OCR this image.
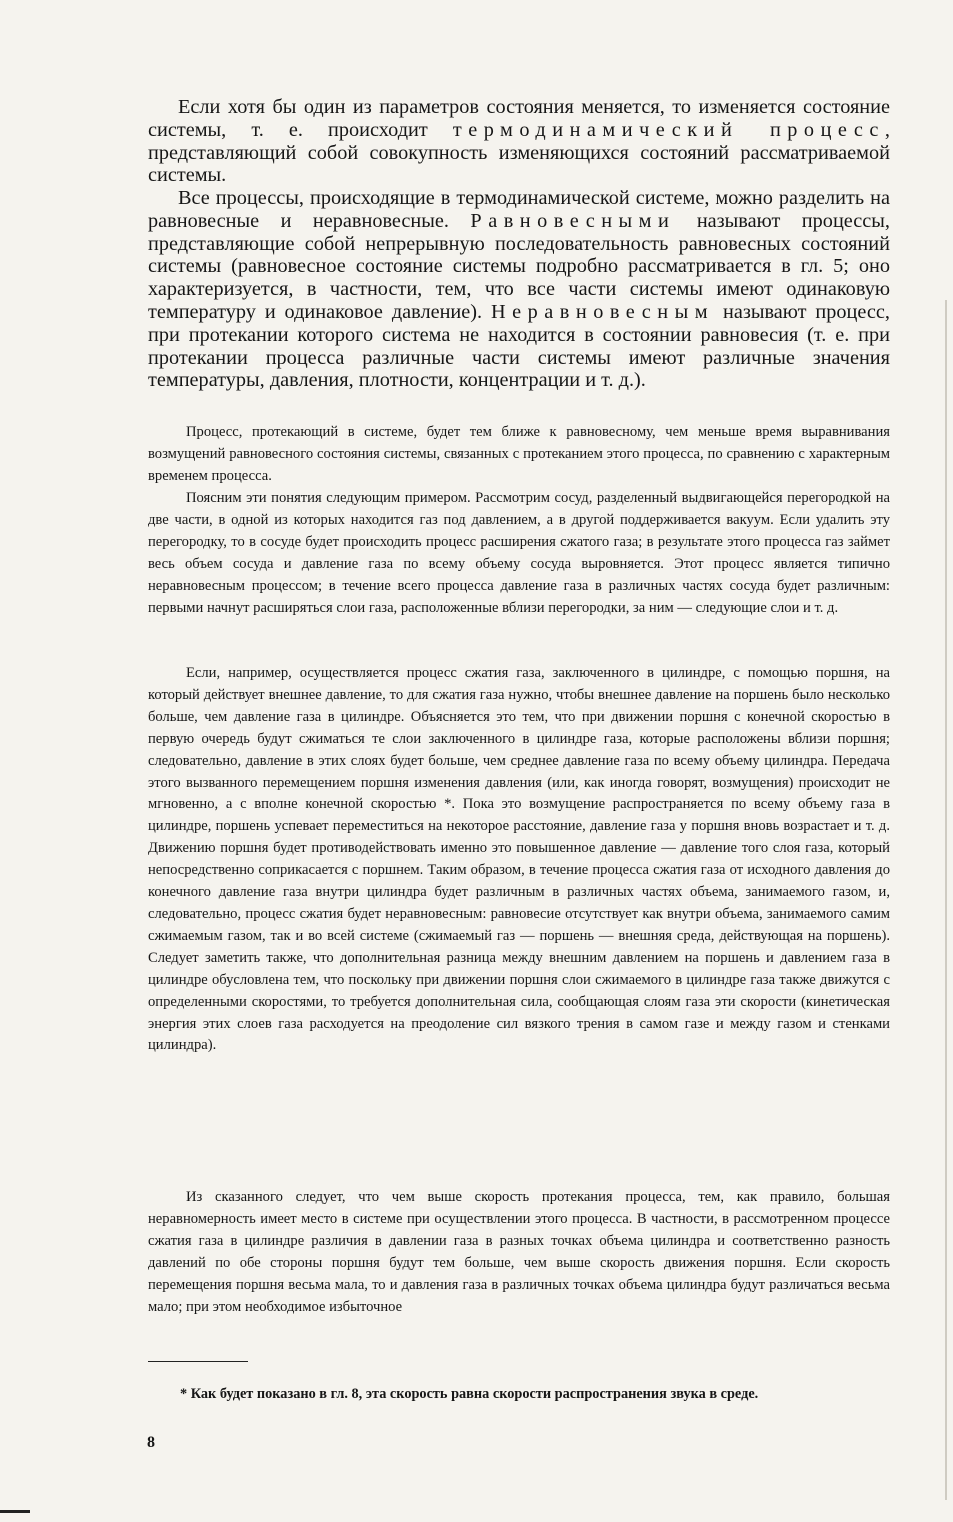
Если хотя бы один из параметров состояния меняется, то изменяется состояние системы, т. е. происходит термодинамический процесс, представляющий собой совокупность изменяющихся состояний рассматриваемой системы.

Все процессы, происходящие в термодинамической системе, можно разделить на равновесные и неравновесные. Равновесными называют процессы, представляющие собой непрерывную последовательность равновесных состояний системы (равновесное состояние системы подробно рассматривается в гл. 5; оно характеризуется, в частности, тем, что все части системы имеют одинаковую температуру и одинаковое давление). Неравновесным называют процесс, при протекании которого система не находится в состоянии равновесия (т. е. при протекании процесса различные части системы имеют различные значения температуры, давления, плотности, концентрации и т. д.).

Процесс, протекающий в системе, будет тем ближе к равновесному, чем меньше время выравнивания возмущений равновесного состояния системы, связанных с протеканием этого процесса, по сравнению с характерным временем процесса.

Поясним эти понятия следующим примером. Рассмотрим сосуд, разделенный выдвигающейся перегородкой на две части, в одной из которых находится газ под давлением, а в другой поддерживается вакуум. Если удалить эту перегородку, то в сосуде будет происходить процесс расширения сжатого газа; в результате этого процесса газ займет весь объем сосуда и давление газа по всему объему сосуда выровняется. Этот процесс является типично неравновесным процессом; в течение всего процесса давление газа в различных частях сосуда будет различным: первыми начнут расширяться слои газа, расположенные вблизи перегородки, за ним — следующие слои и т. д.

Если, например, осуществляется процесс сжатия газа, заключенного в цилиндре, с помощью поршня, на который действует внешнее давление, то для сжатия газа нужно, чтобы внешнее давление на поршень было несколько больше, чем давление газа в цилиндре. Объясняется это тем, что при движении поршня с конечной скоростью в первую очередь будут сжиматься те слои заключенного в цилиндре газа, которые расположены вблизи поршня; следовательно, давление в этих слоях будет больше, чем среднее давление газа по всему объему цилиндра. Передача этого вызванного перемещением поршня изменения давления (или, как иногда говорят, возмущения) происходит не мгновенно, а с вполне конечной скоростью *. Пока это возмущение распространяется по всему объему газа в цилиндре, поршень успевает переместиться на некоторое расстояние, давление газа у поршня вновь возрастает и т. д. Движению поршня будет противодействовать именно это повышенное давление — давление того слоя газа, который непосредственно соприкасается с поршнем. Таким образом, в течение процесса сжатия газа от исходного давления до конечного давление газа внутри цилиндра будет различным в различных частях объема, занимаемого газом, и, следовательно, процесс сжатия будет неравновесным: равновесие отсутствует как внутри объема, занимаемого самим сжимаемым газом, так и во всей системе (сжимаемый газ — поршень — внешняя среда, действующая на поршень). Следует заметить также, что дополнительная разница между внешним давлением на поршень и давлением газа в цилиндре обусловлена тем, что поскольку при движении поршня слои сжимаемого в цилиндре газа также движутся с определенными скоростями, то требуется дополнительная сила, сообщающая слоям газа эти скорости (кинетическая энергия этих слоев газа расходуется на преодоление сил вязкого трения в самом газе и между газом и стенками цилиндра).

Из сказанного следует, что чем выше скорость протекания процесса, тем, как правило, большая неравномерность имеет место в системе при осуществлении этого процесса. В частности, в рассмотренном процессе сжатия газа в цилиндре различия в давлении газа в разных точках объема цилиндра и соответственно разность давлений по обе стороны поршня будут тем больше, чем выше скорость движения поршня. Если скорость перемещения поршня весьма мала, то и давления газа в различных точках объема цилиндра будут различаться весьма мало; при этом необходимое избыточное

* Как будет показано в гл. 8, эта скорость равна скорости распространения звука в среде.

8
